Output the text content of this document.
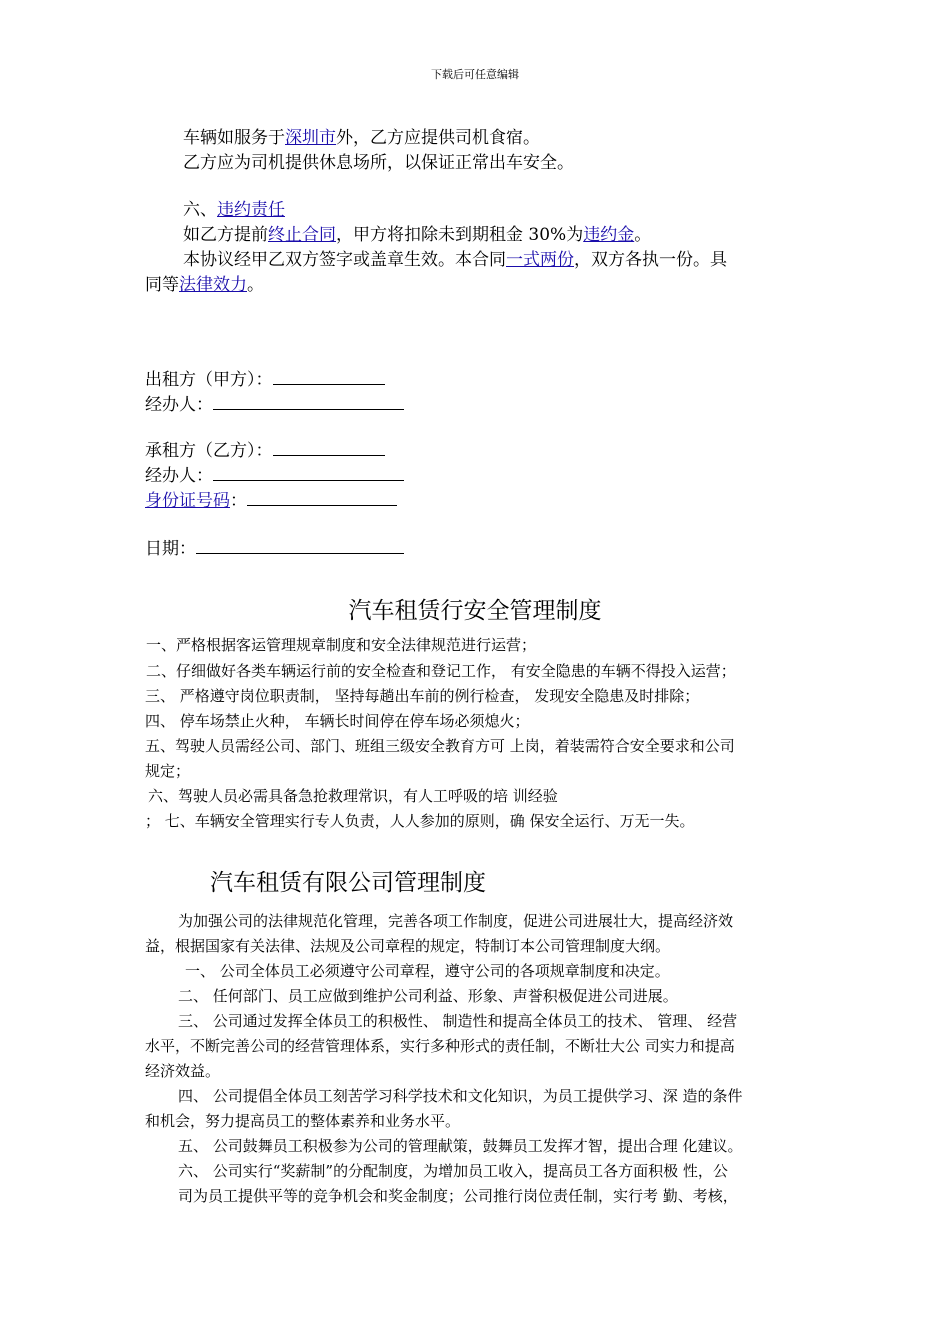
下载后可任意编辑
车辆如服务于深圳市外，乙方应提供司机食宿。
乙方应为司机提供休息场所，以保证正常出车安全。
六、违约责任
如乙方提前终止合同，甲方将扣除未到期租金 30%为违约金。
本协议经甲乙双方签字或盖章生效。本合同一式两份，双方各执一份。具
同等法律效力。
出租方（甲方）：
经办人：
承租方（乙方）：
经办人：
身份证号码：
日期：
汽车租赁行安全管理制度
一、严格根据客运管理规章制度和安全法律规范进行运营；
二、仔细做好各类车辆运行前的安全检查和登记工作， 有安全隐患的车辆不得投入运营；
三、 严格遵守岗位职责制， 坚持每趟出车前的例行检查， 发现安全隐患及时排除；
四、 停车场禁止火种， 车辆长时间停在停车场必须熄火；
五、驾驶人员需经公司、部门、班组三级安全教育方可 上岗，着装需符合安全要求和公司
规定；
六、驾驶人员必需具备急抢救理常识，有人工呼吸的培 训经验
； 七、车辆安全管理实行专人负责，人人参加的原则，确 保安全运行、万无一失。
汽车租赁有限公司管理制度
为加强公司的法律规范化管理，完善各项工作制度，促进公司进展壮大，提高经济效
益，根据国家有关法律、法规及公司章程的规定，特制订本公司管理制度大纲。
一、 公司全体员工必须遵守公司章程，遵守公司的各项规章制度和决定。
二、 任何部门、员工应做到维护公司利益、形象、声誉积极促进公司进展。
三、 公司通过发挥全体员工的积极性、 制造性和提高全体员工的技术、 管理、 经营
水平，不断完善公司的经营管理体系，实行多种形式的责任制，不断壮大公 司实力和提高
经济效益。
四、 公司提倡全体员工刻苦学习科学技术和文化知识，为员工提供学习、深 造的条件
和机会，努力提高员工的整体素养和业务水平。
五、 公司鼓舞员工积极参为公司的管理献策，鼓舞员工发挥才智，提出合理 化建议。
六、 公司实行“奖薪制”的分配制度，为增加员工收入，提高员工各方面积极 性，公
司为员工提供平等的竞争机会和奖金制度；公司推行岗位责任制，实行考 勤、考核，
